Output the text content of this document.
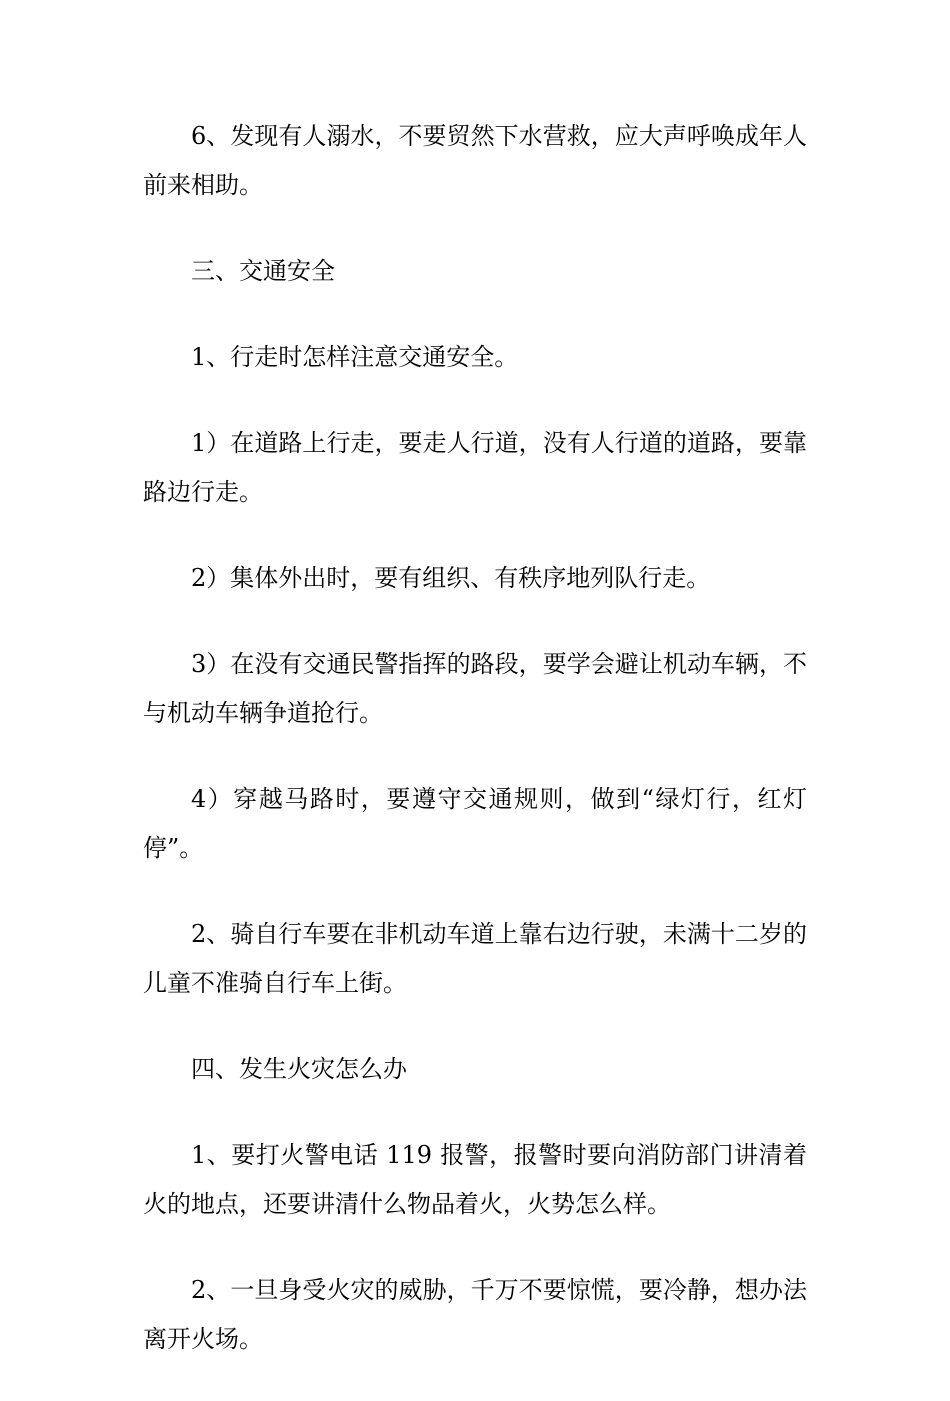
6、发现有人溺水，不要贸然下水营救，应大声呼唤成年人前来相助。

三、交通安全

1、行走时怎样注意交通安全。

1）在道路上行走，要走人行道，没有人行道的道路，要靠路边行走。

2）集体外出时，要有组织、有秩序地列队行走。

3）在没有交通民警指挥的路段，要学会避让机动车辆，不与机动车辆争道抢行。

4）穿越马路时，要遵守交通规则，做到“绿灯行，红灯停”。

2、骑自行车要在非机动车道上靠右边行驶，未满十二岁的儿童不准骑自行车上街。

四、发生火灾怎么办

1、要打火警电话 119 报警，报警时要向消防部门讲清着火的地点，还要讲清什么物品着火，火势怎么样。

2、一旦身受火灾的威胁，千万不要惊慌，要冷静，想办法离开火场。
